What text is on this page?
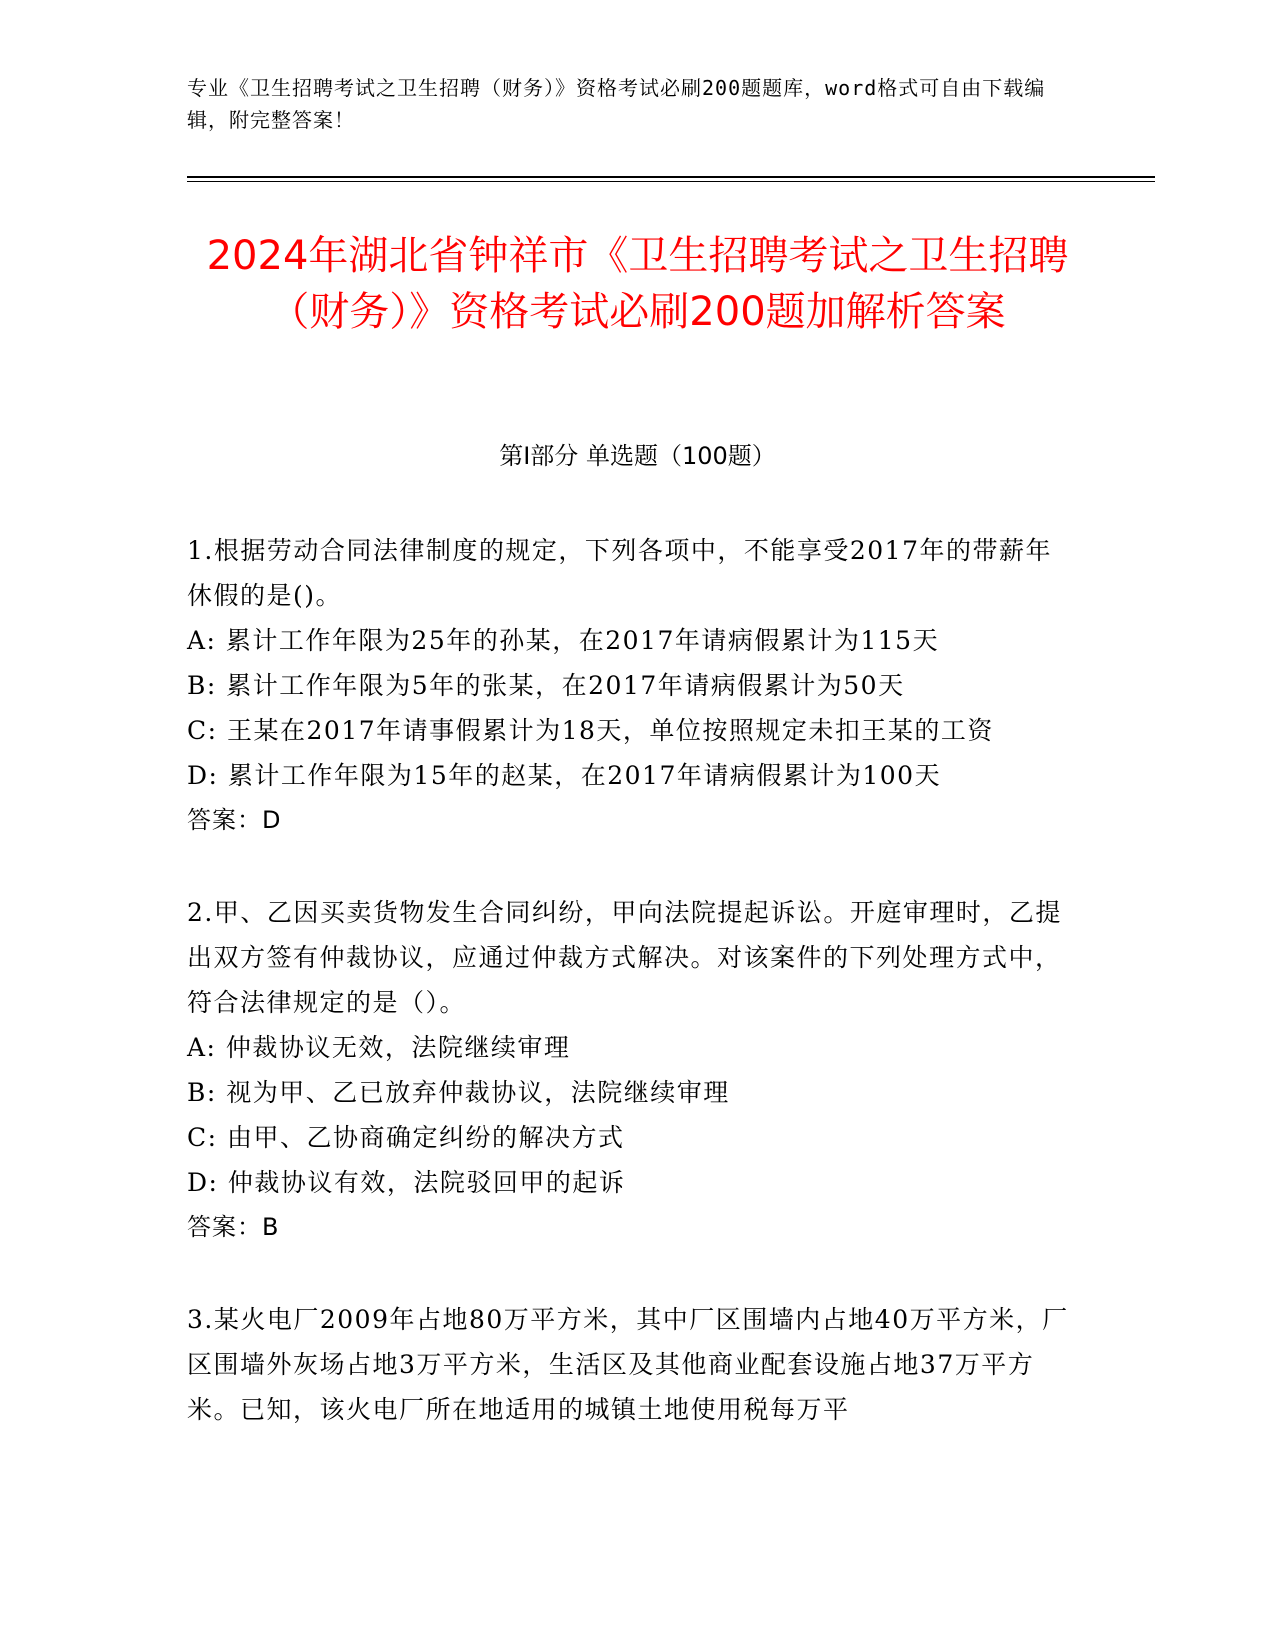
专业《卫生招聘考试之卫生招聘（财务）》资格考试必刷200题题库，word格式可自由下载编辑，附完整答案！
2024年湖北省钟祥市《卫生招聘考试之卫生招聘（财务）》资格考试必刷200题加解析答案
第I部分 单选题（100题）

1.根据劳动合同法律制度的规定，下列各项中，不能享受2017年的带薪年休假的是()。

A: 累计工作年限为25年的孙某，在2017年请病假累计为115天

B: 累计工作年限为5年的张某，在2017年请病假累计为50天

C: 王某在2017年请事假累计为18天，单位按照规定未扣王某的工资

D: 累计工作年限为15年的赵某，在2017年请病假累计为100天

答案：D

2.甲、乙因买卖货物发生合同纠纷，甲向法院提起诉讼。开庭审理时，乙提出双方签有仲裁协议，应通过仲裁方式解决。对该案件的下列处理方式中，符合法律规定的是（）。

A: 仲裁协议无效，法院继续审理

B: 视为甲、乙已放弃仲裁协议，法院继续审理

C: 由甲、乙协商确定纠纷的解决方式

D: 仲裁协议有效，法院驳回甲的起诉

答案：B

3.某火电厂2009年占地80万平方米，其中厂区围墙内占地40万平方米，厂区围墙外灰场占地3万平方米，生活区及其他商业配套设施占地37万平方米。已知，该火电厂所在地适用的城镇土地使用税每万平
